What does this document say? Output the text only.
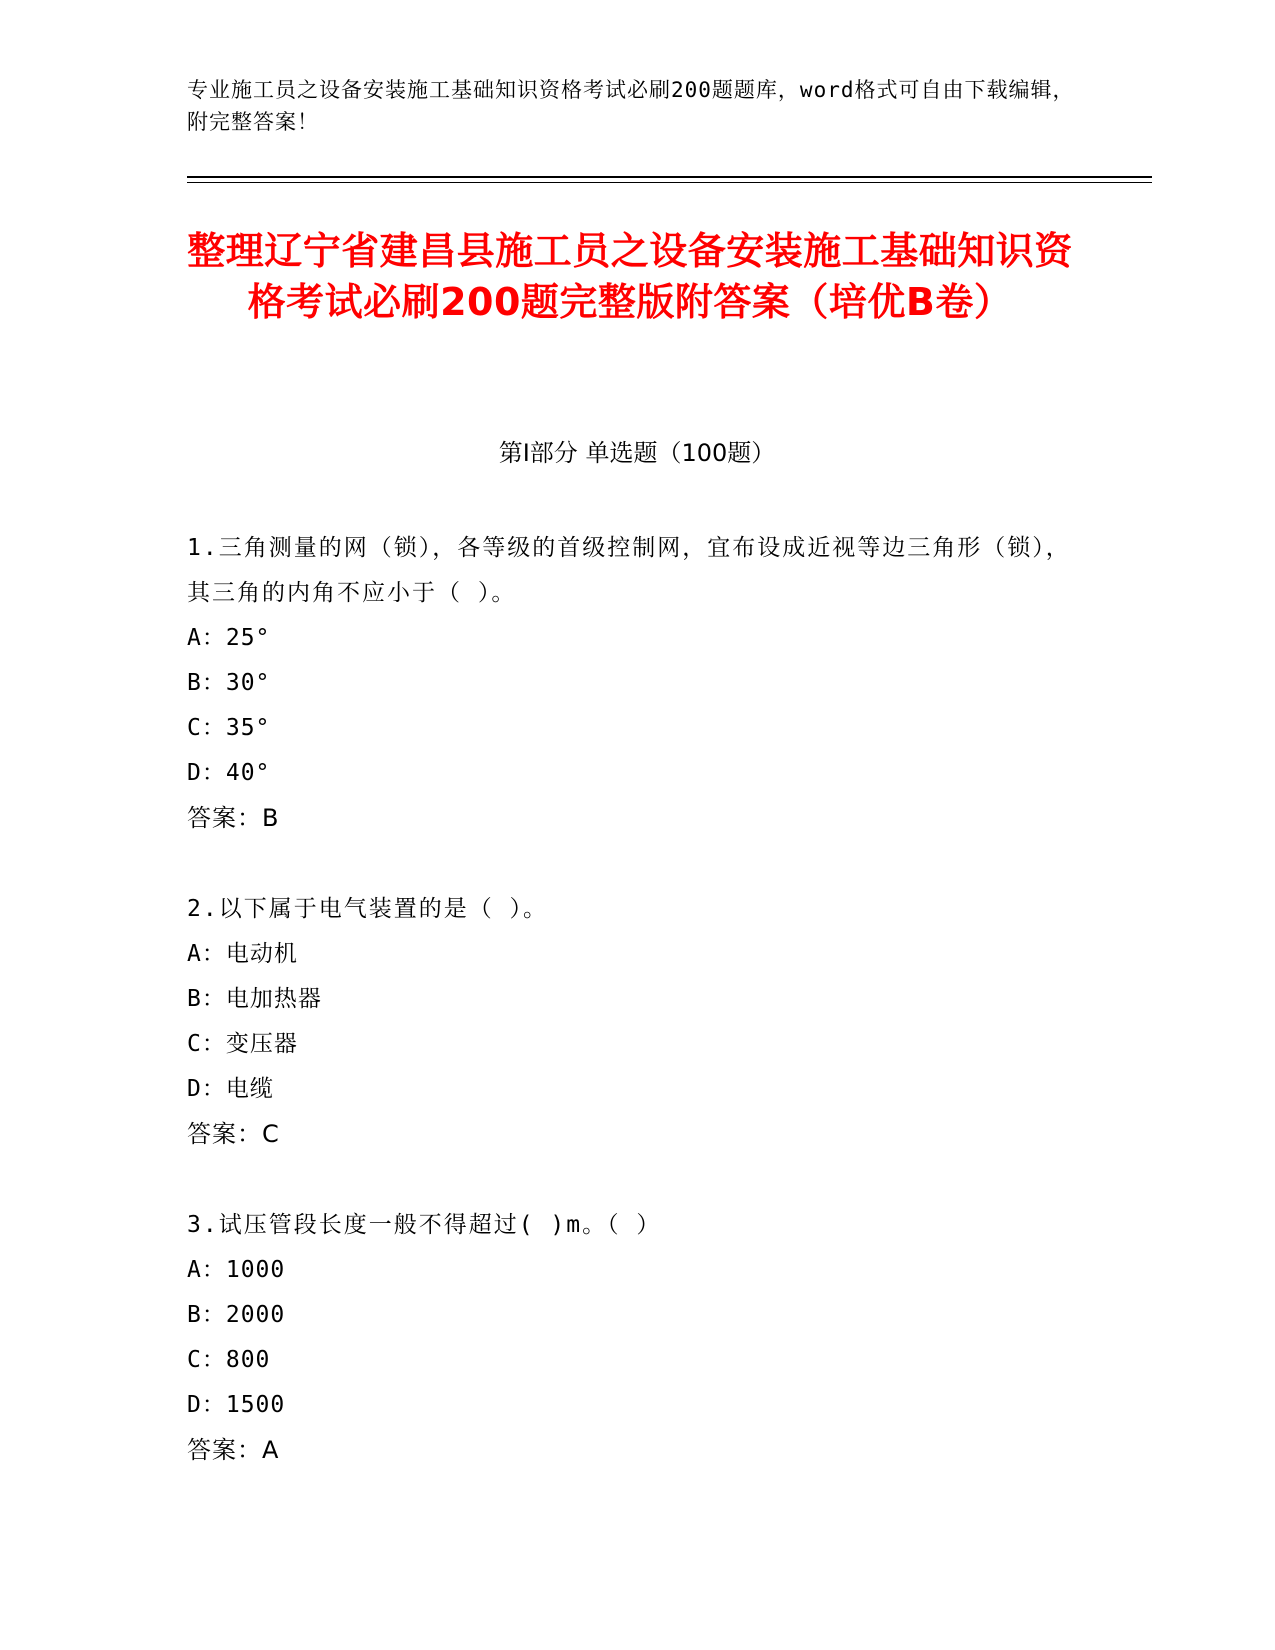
专业施工员之设备安装施工基础知识资格考试必刷200题题库，word格式可自由下载编辑，附完整答案！
整理辽宁省建昌县施工员之设备安装施工基础知识资格考试必刷200题完整版附答案（培优B卷）
第I部分 单选题（100题）
1.三角测量的网（锁），各等级的首级控制网，宜布设成近视等边三角形（锁），其三角的内角不应小于（ ）。
A：25°
B：30°
C：35°
D：40°
答案：B
2.以下属于电气装置的是（ ）。
A：电动机
B：电加热器
C：变压器
D：电缆
答案：C
3.试压管段长度一般不得超过( )m。（ ）
A：1000
B：2000
C：800
D：1500
答案：A
